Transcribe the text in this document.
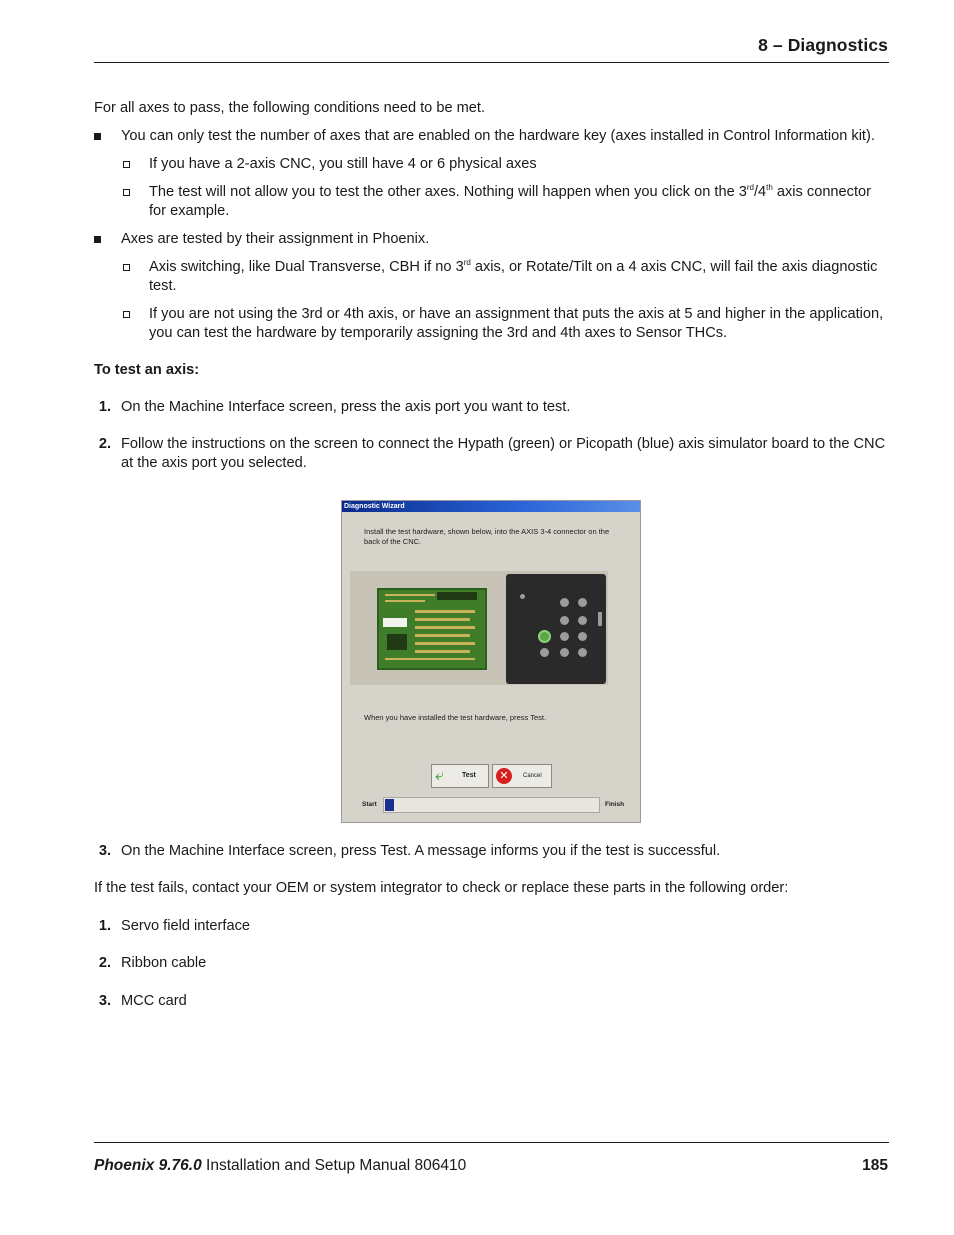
8 – Diagnostics
For all axes to pass, the following conditions need to be met.
You can only test the number of axes that are enabled on the hardware key (axes installed in Control Information kit).
If you have a 2-axis CNC, you still have 4 or 6 physical axes
The test will not allow you to test the other axes. Nothing will happen when you click on the 3rd/4th axis connector for example.
Axes are tested by their assignment in Phoenix.
Axis switching, like Dual Transverse, CBH if no 3rd axis, or Rotate/Tilt on a 4 axis CNC, will fail the axis diagnostic test.
If you are not using the 3rd or 4th axis, or have an assignment that puts the axis at 5 and higher in the application, you can test the hardware by temporarily assigning the 3rd and 4th axes to Sensor THCs.
To test an axis:
1. On the Machine Interface screen, press the axis port you want to test.
2. Follow the instructions on the screen to connect the Hypath (green) or Picopath (blue) axis simulator board to the CNC at the axis port you selected.
Diagnostic Wizard
Install the test hardware, shown below, into the AXIS 3-4 connector on the back of the CNC.
When you have installed the test hardware, press Test.
⤶	Test	✕	Cancel
Start	Finish
3. On the Machine Interface screen, press Test. A message informs you if the test is successful.
If the test fails, contact your OEM or system integrator to check or replace these parts in the following order:
1. Servo field interface
2. Ribbon cable
3. MCC card
Phoenix 9.76.0 Installation and Setup Manual 806410	185
